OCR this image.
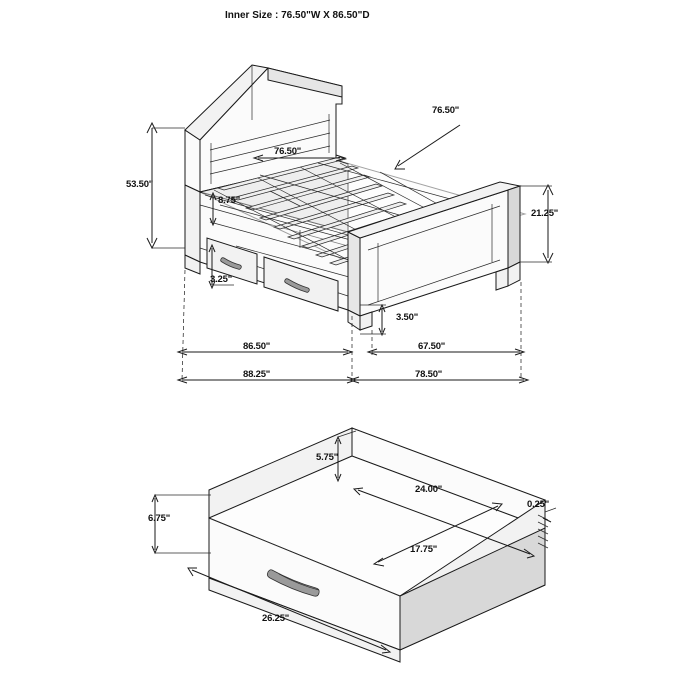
Inner Size : 76.50"W X 86.50"D
53.50"
76.50"
76.50"
8.75"
3.25"
21.25"
3.50"
86.50"	67.50"
88.25"	78.50"
5.75"
24.00"
0.25"
17.75"
6.75"
26.25"
